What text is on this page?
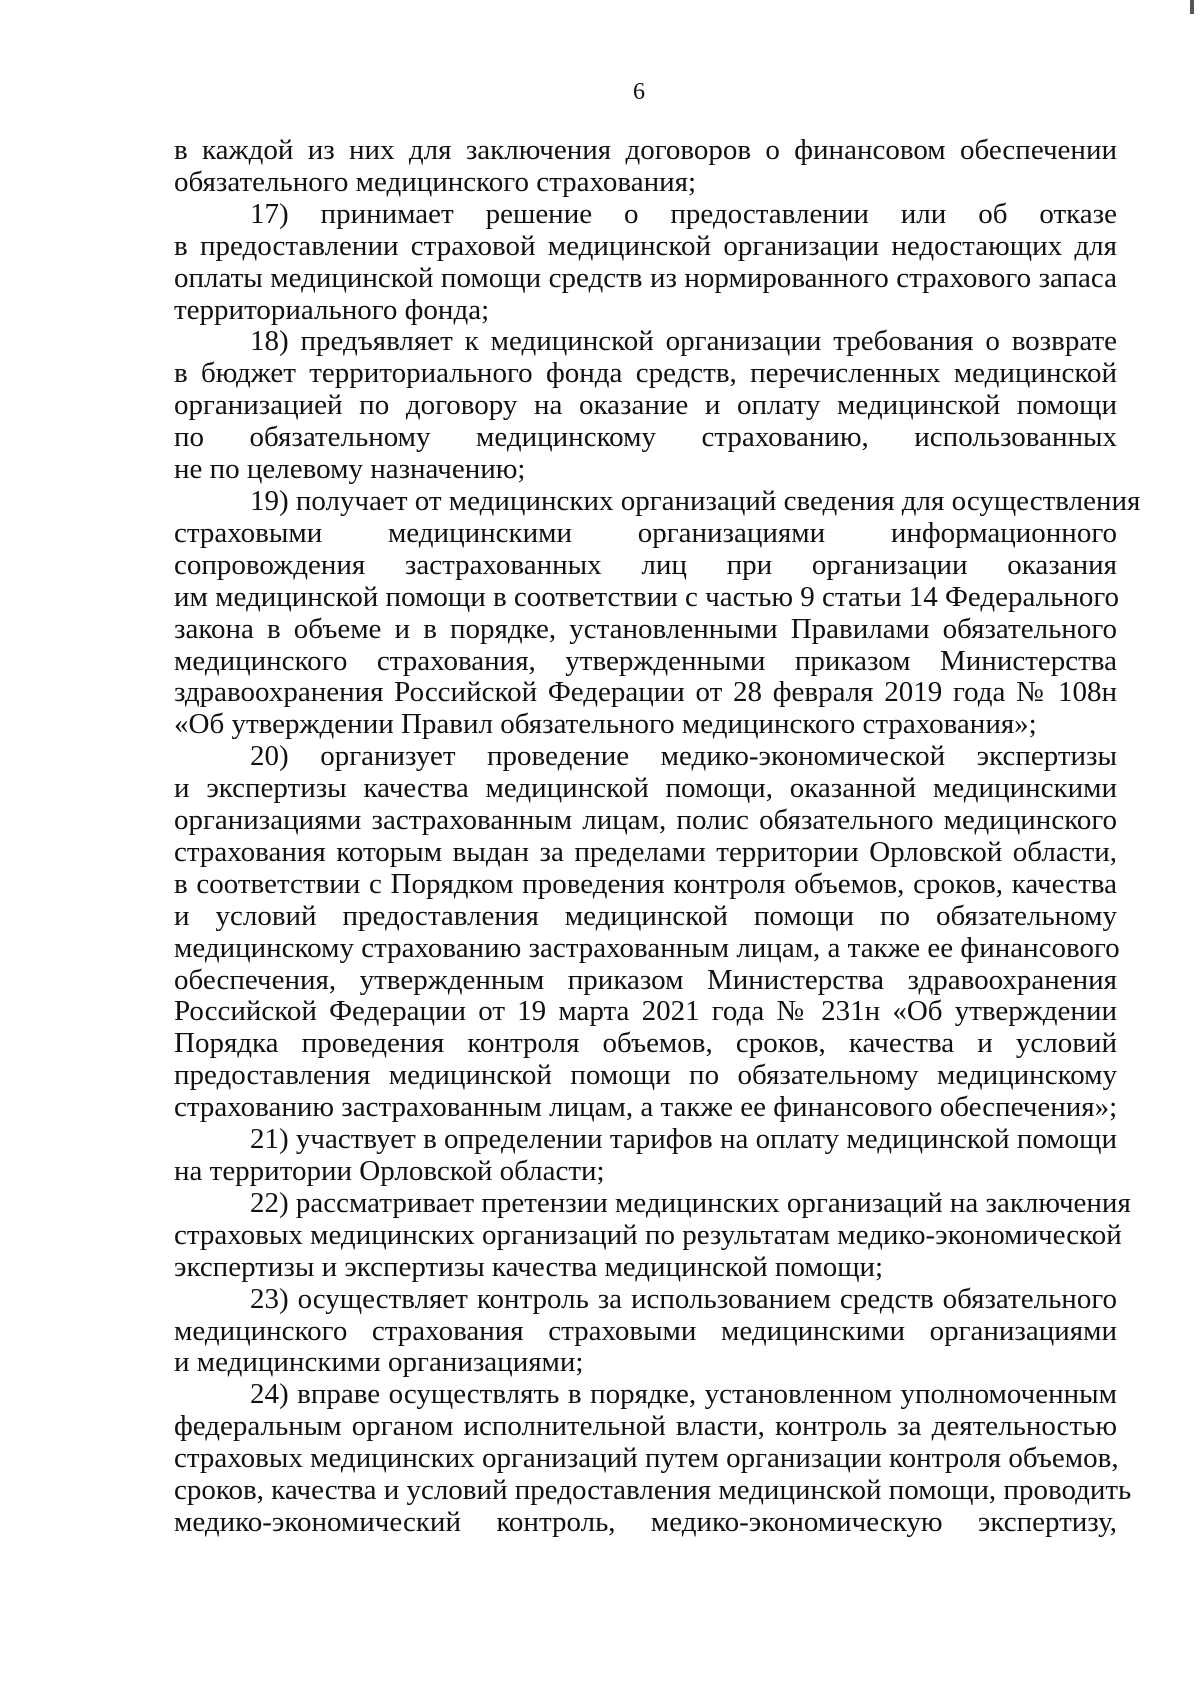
6
в каждой из них для заключения договоров о финансовом обеспечении
обязательного медицинского страхования;
17) принимает решение о предоставлении или об отказе
в предоставлении страховой медицинской организации недостающих для
оплаты медицинской помощи средств из нормированного страхового запаса
территориального фонда;
18) предъявляет к медицинской организации требования о возврате
в бюджет территориального фонда средств, перечисленных медицинской
организацией по договору на оказание и оплату медицинской помощи
по обязательному медицинскому страхованию, использованных
не по целевому назначению;
19) получает от медицинских организаций сведения для осуществления
страховыми медицинскими организациями информационного
сопровождения застрахованных лиц при организации оказания
им медицинской помощи в соответствии с частью 9 статьи 14 Федерального
закона в объеме и в порядке, установленными Правилами обязательного
медицинского страхования, утвержденными приказом Министерства
здравоохранения Российской Федерации от 28 февраля 2019 года № 108н
«Об утверждении Правил обязательного медицинского страхования»;
20) организует проведение медико-экономической экспертизы
и экспертизы качества медицинской помощи, оказанной медицинскими
организациями застрахованным лицам, полис обязательного медицинского
страхования которым выдан за пределами территории Орловской области,
в соответствии с Порядком проведения контроля объемов, сроков, качества
и условий предоставления медицинской помощи по обязательному
медицинскому страхованию застрахованным лицам, а также ее финансового
обеспечения, утвержденным приказом Министерства здравоохранения
Российской Федерации от 19 марта 2021 года № 231н «Об утверждении
Порядка проведения контроля объемов, сроков, качества и условий
предоставления медицинской помощи по обязательному медицинскому
страхованию застрахованным лицам, а также ее финансового обеспечения»;
21) участвует в определении тарифов на оплату медицинской помощи
на территории Орловской области;
22) рассматривает претензии медицинских организаций на заключения
страховых медицинских организаций по результатам медико-экономической
экспертизы и экспертизы качества медицинской помощи;
23) осуществляет контроль за использованием средств обязательного
медицинского страхования страховыми медицинскими организациями
и медицинскими организациями;
24) вправе осуществлять в порядке, установленном уполномоченным
федеральным органом исполнительной власти, контроль за деятельностью
страховых медицинских организаций путем организации контроля объемов,
сроков, качества и условий предоставления медицинской помощи, проводить
медико-экономический контроль, медико-экономическую экспертизу,
